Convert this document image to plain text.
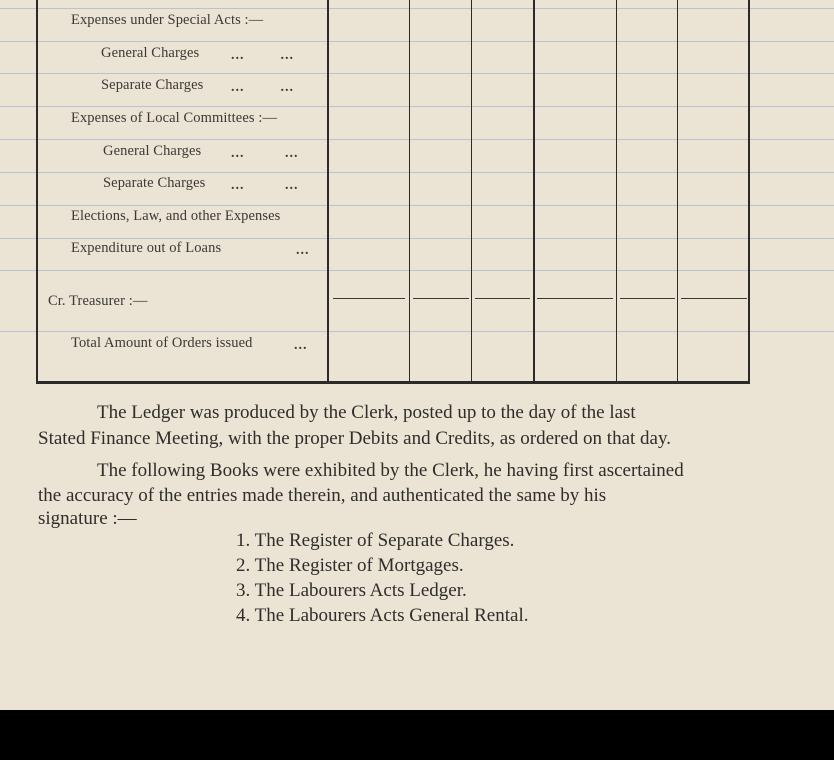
Expenses under Special Acts :—
General Charges ...        ...
Separate Charges ...        ...
Expenses of Local Committees :—
General Charges ...         ...
Separate Charges ...         ...
Elections, Law, and other Expenses
Expenditure out of Loans	...
Cr. Treasurer :—
Total Amount of Orders issued	...
The Ledger was produced by the Clerk, posted up to the day of the last
Stated Finance Meeting, with the proper Debits and Credits, as ordered on that day.
The following Books were exhibited by the Clerk, he having first ascertained
the accuracy of the entries made therein, and authenticated the same by his
signature :—
1. The Register of Separate Charges.
2. The Register of Mortgages.
3. The Labourers Acts Ledger.
4. The Labourers Acts General Rental.
